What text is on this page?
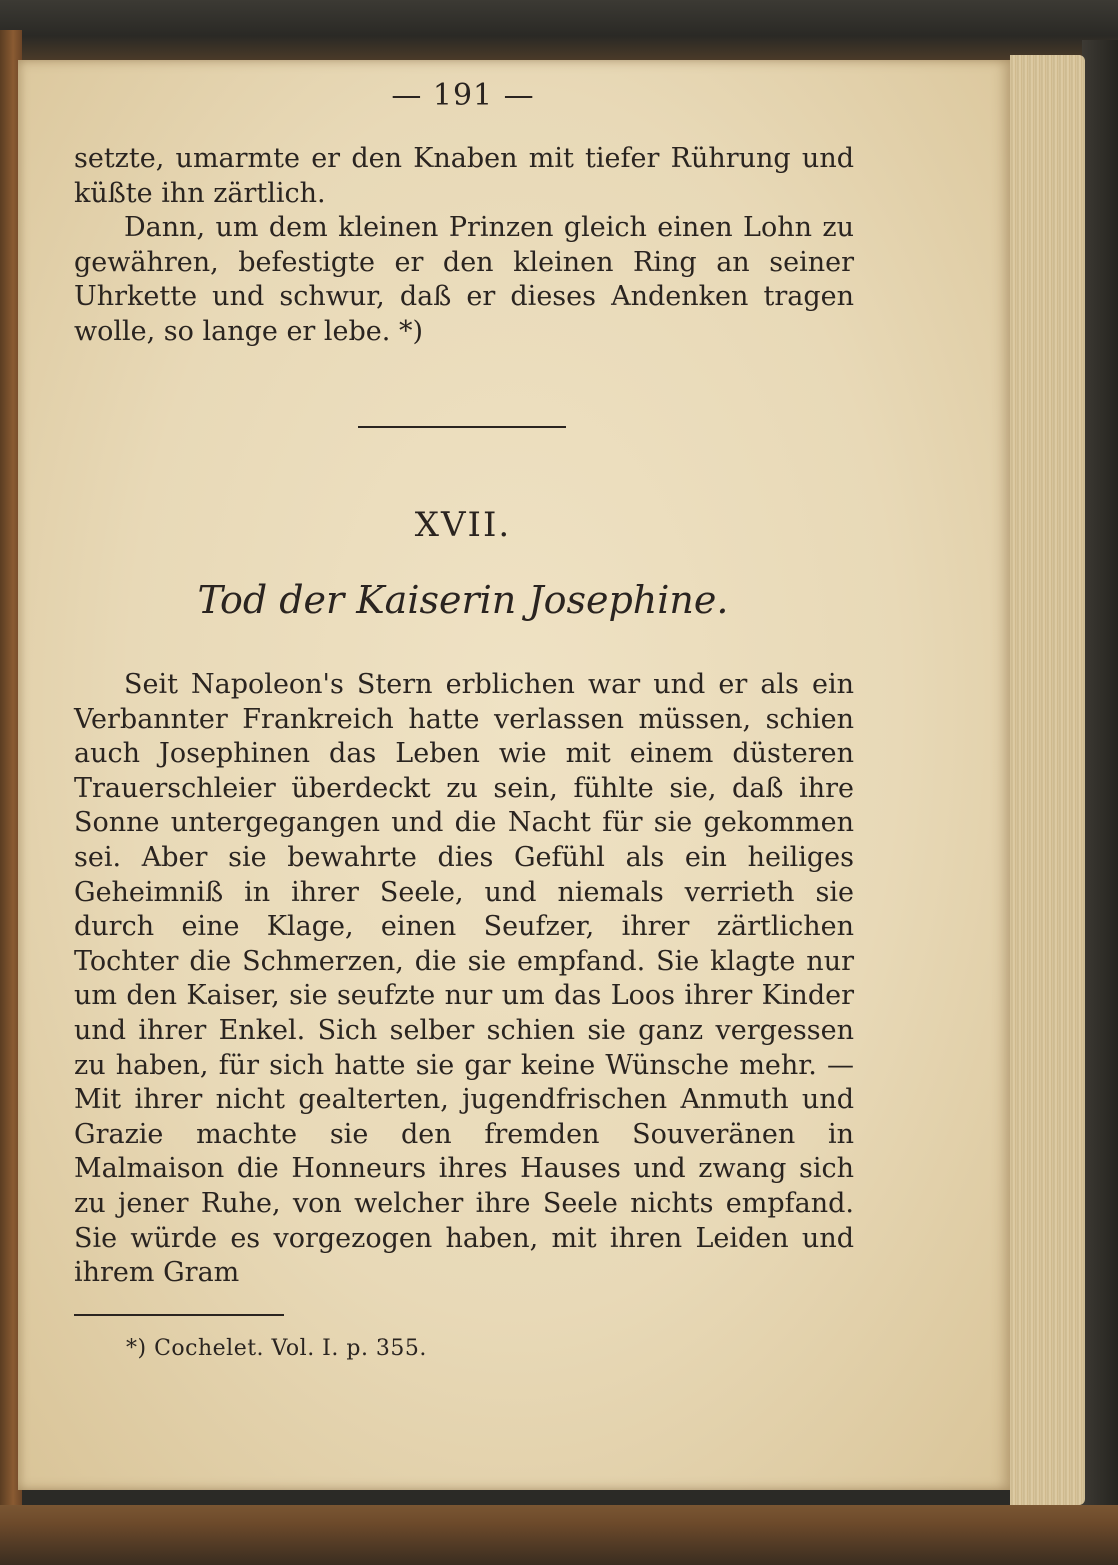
— 191 —

setzte, umarmte er den Knaben mit tiefer Rührung und küßte ihn zärtlich.

Dann, um dem kleinen Prinzen gleich einen Lohn zu gewähren, befestigte er den kleinen Ring an seiner Uhrkette und schwur, daß er dieses Andenken tragen wolle, so lange er lebe. *)

XVII.
Tod der Kaiserin Josephine.

Seit Napoleon's Stern erblichen war und er als ein Verbannter Frankreich hatte verlassen müssen, schien auch Josephinen das Leben wie mit einem düsteren Trauerschleier überdeckt zu sein, fühlte sie, daß ihre Sonne untergegangen und die Nacht für sie gekommen sei. Aber sie bewahrte dies Gefühl als ein heiliges Geheimniß in ihrer Seele, und niemals verrieth sie durch eine Klage, einen Seufzer, ihrer zärtlichen Tochter die Schmerzen, die sie empfand. Sie klagte nur um den Kaiser, sie seufzte nur um das Loos ihrer Kinder und ihrer Enkel. Sich selber schien sie ganz vergessen zu haben, für sich hatte sie gar keine Wünsche mehr. — Mit ihrer nicht gealterten, jugendfrischen Anmuth und Grazie machte sie den fremden Souveränen in Malmaison die Honneurs ihres Hauses und zwang sich zu jener Ruhe, von welcher ihre Seele nichts empfand. Sie würde es vorgezogen haben, mit ihren Leiden und ihrem Gram

*) Cochelet. Vol. I. p. 355.
